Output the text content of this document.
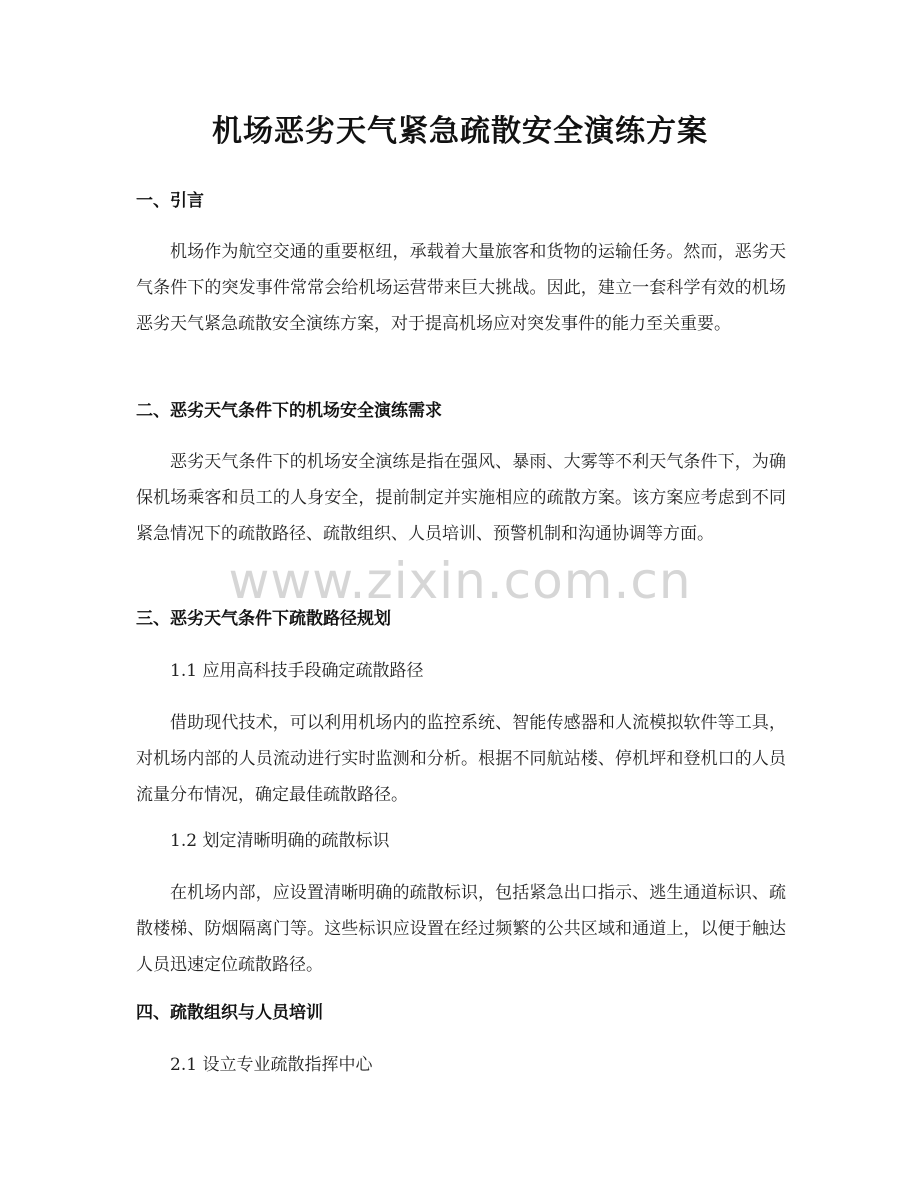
机场恶劣天气紧急疏散安全演练方案
一、引言
机场作为航空交通的重要枢纽，承载着大量旅客和货物的运输任务。然而，恶劣天气条件下的突发事件常常会给机场运营带来巨大挑战。因此，建立一套科学有效的机场恶劣天气紧急疏散安全演练方案，对于提高机场应对突发事件的能力至关重要。
二、恶劣天气条件下的机场安全演练需求
恶劣天气条件下的机场安全演练是指在强风、暴雨、大雾等不利天气条件下，为确保机场乘客和员工的人身安全，提前制定并实施相应的疏散方案。该方案应考虑到不同紧急情况下的疏散路径、疏散组织、人员培训、预警机制和沟通协调等方面。
三、恶劣天气条件下疏散路径规划
1.1 应用高科技手段确定疏散路径
借助现代技术，可以利用机场内的监控系统、智能传感器和人流模拟软件等工具，对机场内部的人员流动进行实时监测和分析。根据不同航站楼、停机坪和登机口的人员流量分布情况，确定最佳疏散路径。
1.2 划定清晰明确的疏散标识
在机场内部，应设置清晰明确的疏散标识，包括紧急出口指示、逃生通道标识、疏散楼梯、防烟隔离门等。这些标识应设置在经过频繁的公共区域和通道上，以便于触达人员迅速定位疏散路径。
四、疏散组织与人员培训
2.1 设立专业疏散指挥中心
www.zixin.com.cn
